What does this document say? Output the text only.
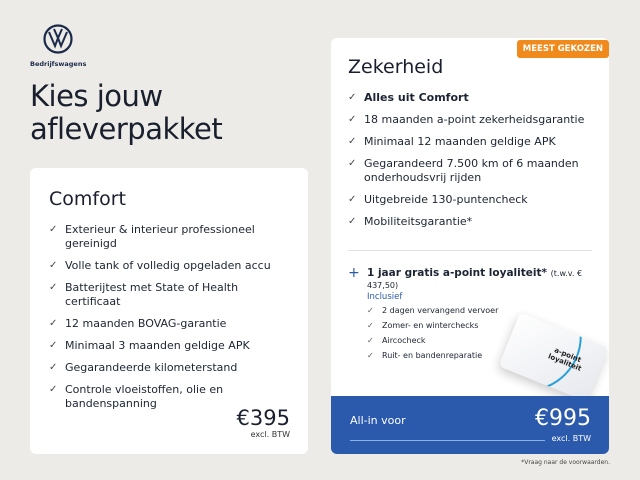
Bedrijfswagens
Kies jouw afleverpakket
Comfort
✓ Exterieur & interieur professioneel gereinigd
✓ Volle tank of volledig opgeladen accu
✓ Batterijtest met State of Health certificaat
✓ 12 maanden BOVAG-garantie
✓ Minimaal 3 maanden geldige APK
✓ Gegarandeerde kilometerstand
✓ Controle vloeistoffen, olie en bandenspanning
€395
excl. BTW
MEEST GEKOZEN
Zekerheid
✓ Alles uit Comfort
✓ 18 maanden a-point zekerheidsgarantie
✓ Minimaal 12 maanden geldige APK
✓ Gegarandeerd 7.500 km of 6 maanden onderhoudsvrij rijden
✓ Uitgebreide 130-puntencheck
✓ Mobiliteitsgarantie*
+ 1 jaar gratis a-point loyaliteit* (t.w.v. € 437,50)
Inclusief
✓ 2 dagen vervangend vervoer
✓ Zomer- en winterchecks
✓ Aircocheck
✓ Ruit- en bandenreparatie	a-point loyaliteit
All-in voor	€995
excl. BTW
*Vraag naar de voorwaarden.
